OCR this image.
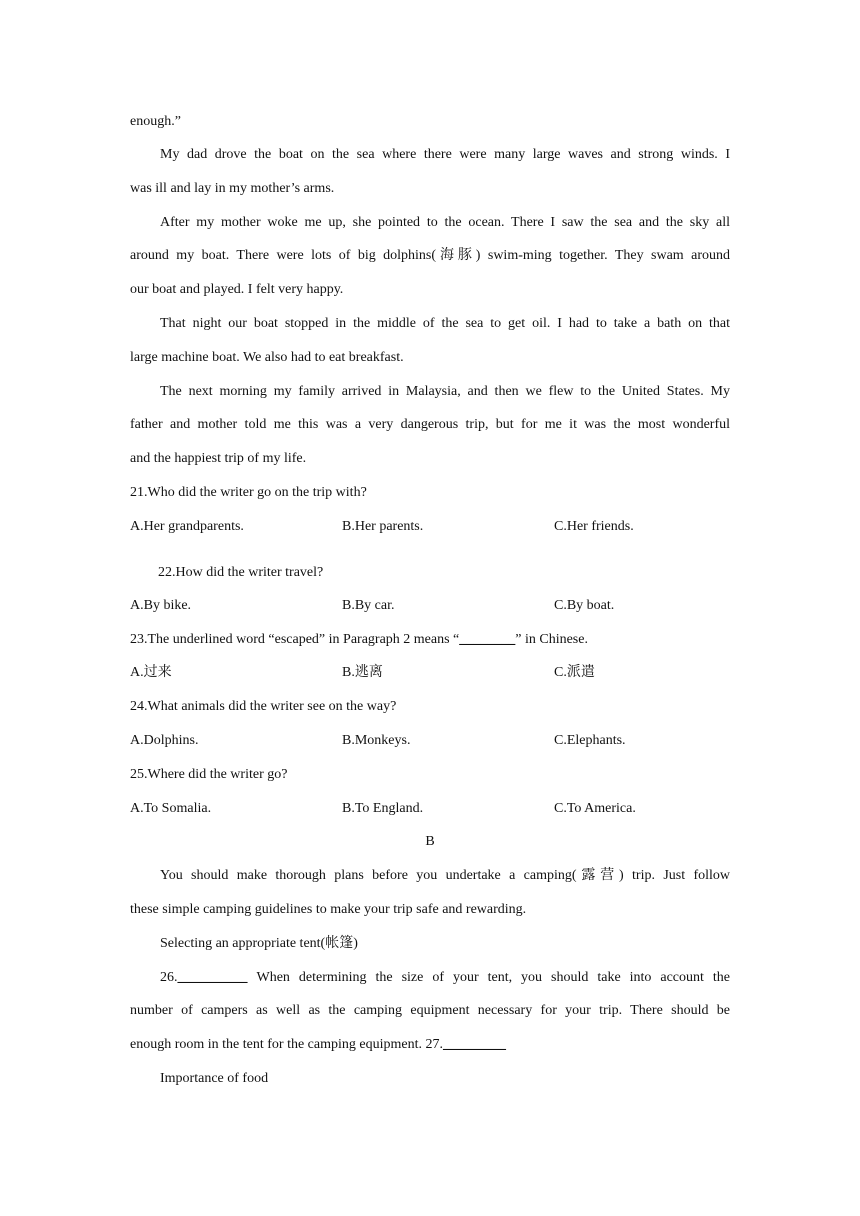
enough.”
My dad drove the boat on the sea where there were many large waves and strong winds. I
was ill and lay in my mother’s arms.
After my mother woke me up, she pointed to the ocean. There I saw the sea and the sky all
around my boat. There were lots of big dolphins(海豚) swim-ming together. They swam around
our boat and played. I felt very happy.
That night our boat stopped in the middle of the sea to get oil. I had to take a bath on that
large machine boat. We also had to eat breakfast.
The next morning my family arrived in Malaysia, and then we flew to the United States. My
father and mother told me this was a very dangerous trip, but for me it was the most wonderful
and the happiest trip of my life.
21.Who did the writer go on the trip with?
A.Her grandparents.	B.Her parents.	C.Her friends.
22.How did the writer travel?
A.By bike.	B.By car.	C.By boat.
23.The underlined word “escaped” in Paragraph 2 means “________” in Chinese.
A.过来	B.逃离	C.派遣
24.What animals did the writer see on the way?
A.Dolphins.	B.Monkeys.	C.Elephants.
25.Where did the writer go?
A.To Somalia.	B.To England.	C.To America.
B
You should make thorough plans before you undertake a camping(露营) trip. Just follow
these simple camping guidelines to make your trip safe and rewarding.
Selecting an appropriate tent(帐篷)
26. __________ When determining the size of your tent, you should take into account the
number of campers as well as the camping equipment necessary for your trip. There should be
enough room in the tent for the camping equipment. 27._________
Importance of food
